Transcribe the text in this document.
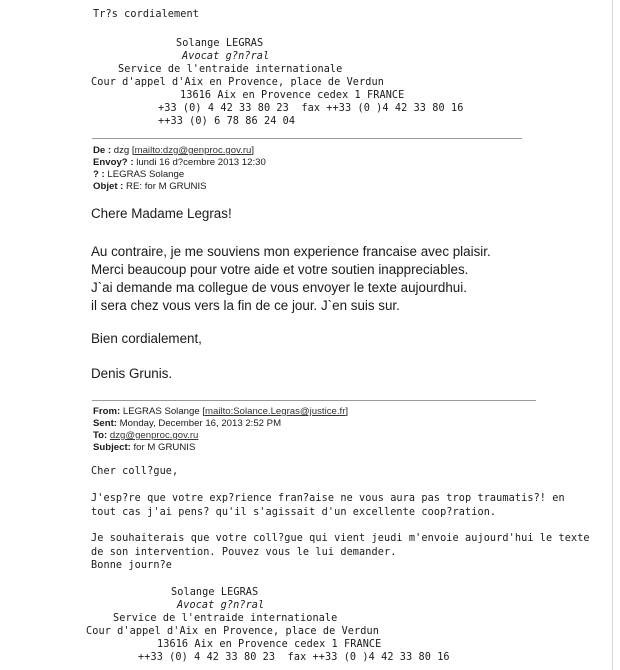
Tr?s cordialement
Solange LEGRAS
Avocat g?n?ral
Service de l'entraide internationale
Cour d'appel d'Aix en Provence, place de Verdun
13616 Aix en Provence cedex 1 FRANCE
+33 (0) 4 42 33 80 23  fax ++33 (0 )4 42 33 80 16
++33 (0) 6 78 86 24 04
De : dzg [mailto:dzg@genproc.gov.ru]
Envoy? : lundi 16 d?cembre 2013 12:30
? : LEGRAS Solange
Objet : RE: for M GRUNIS
Chere Madame Legras!
Au contraire, je me souviens mon experience francaise avec plaisir.
Merci beaucoup pour votre aide et votre soutien inappreciables.
J`ai demande ma collegue de vous envoyer le texte aujourdhui.
il sera chez vous vers la fin de ce jour. J`en suis sur.
Bien cordialement,
Denis Grunis.
From: LEGRAS Solange [mailto:Solance.Legras@justice.fr]
Sent: Monday, December 16, 2013 2:52 PM
To: dzg@genproc.gov.ru
Subject: for M GRUNIS
Cher coll?gue,
J'esp?re que votre exp?rience fran?aise ne vous aura pas trop traumatis?! en
tout cas j'ai pens? qu'il s'agissait d'un excellente coop?ration.
Je souhaiterais que votre coll?gue qui vient jeudi m'envoie aujourd'hui le texte
de son intervention. Pouvez vous le lui demander.
Bonne journ?e
Solange LEGRAS
Avocat g?n?ral
Service de l'entraide internationale
Cour d'appel d'Aix en Provence, place de Verdun
13616 Aix en Provence cedex 1 FRANCE
++33 (0) 4 42 33 80 23  fax ++33 (0 )4 42 33 80 16
